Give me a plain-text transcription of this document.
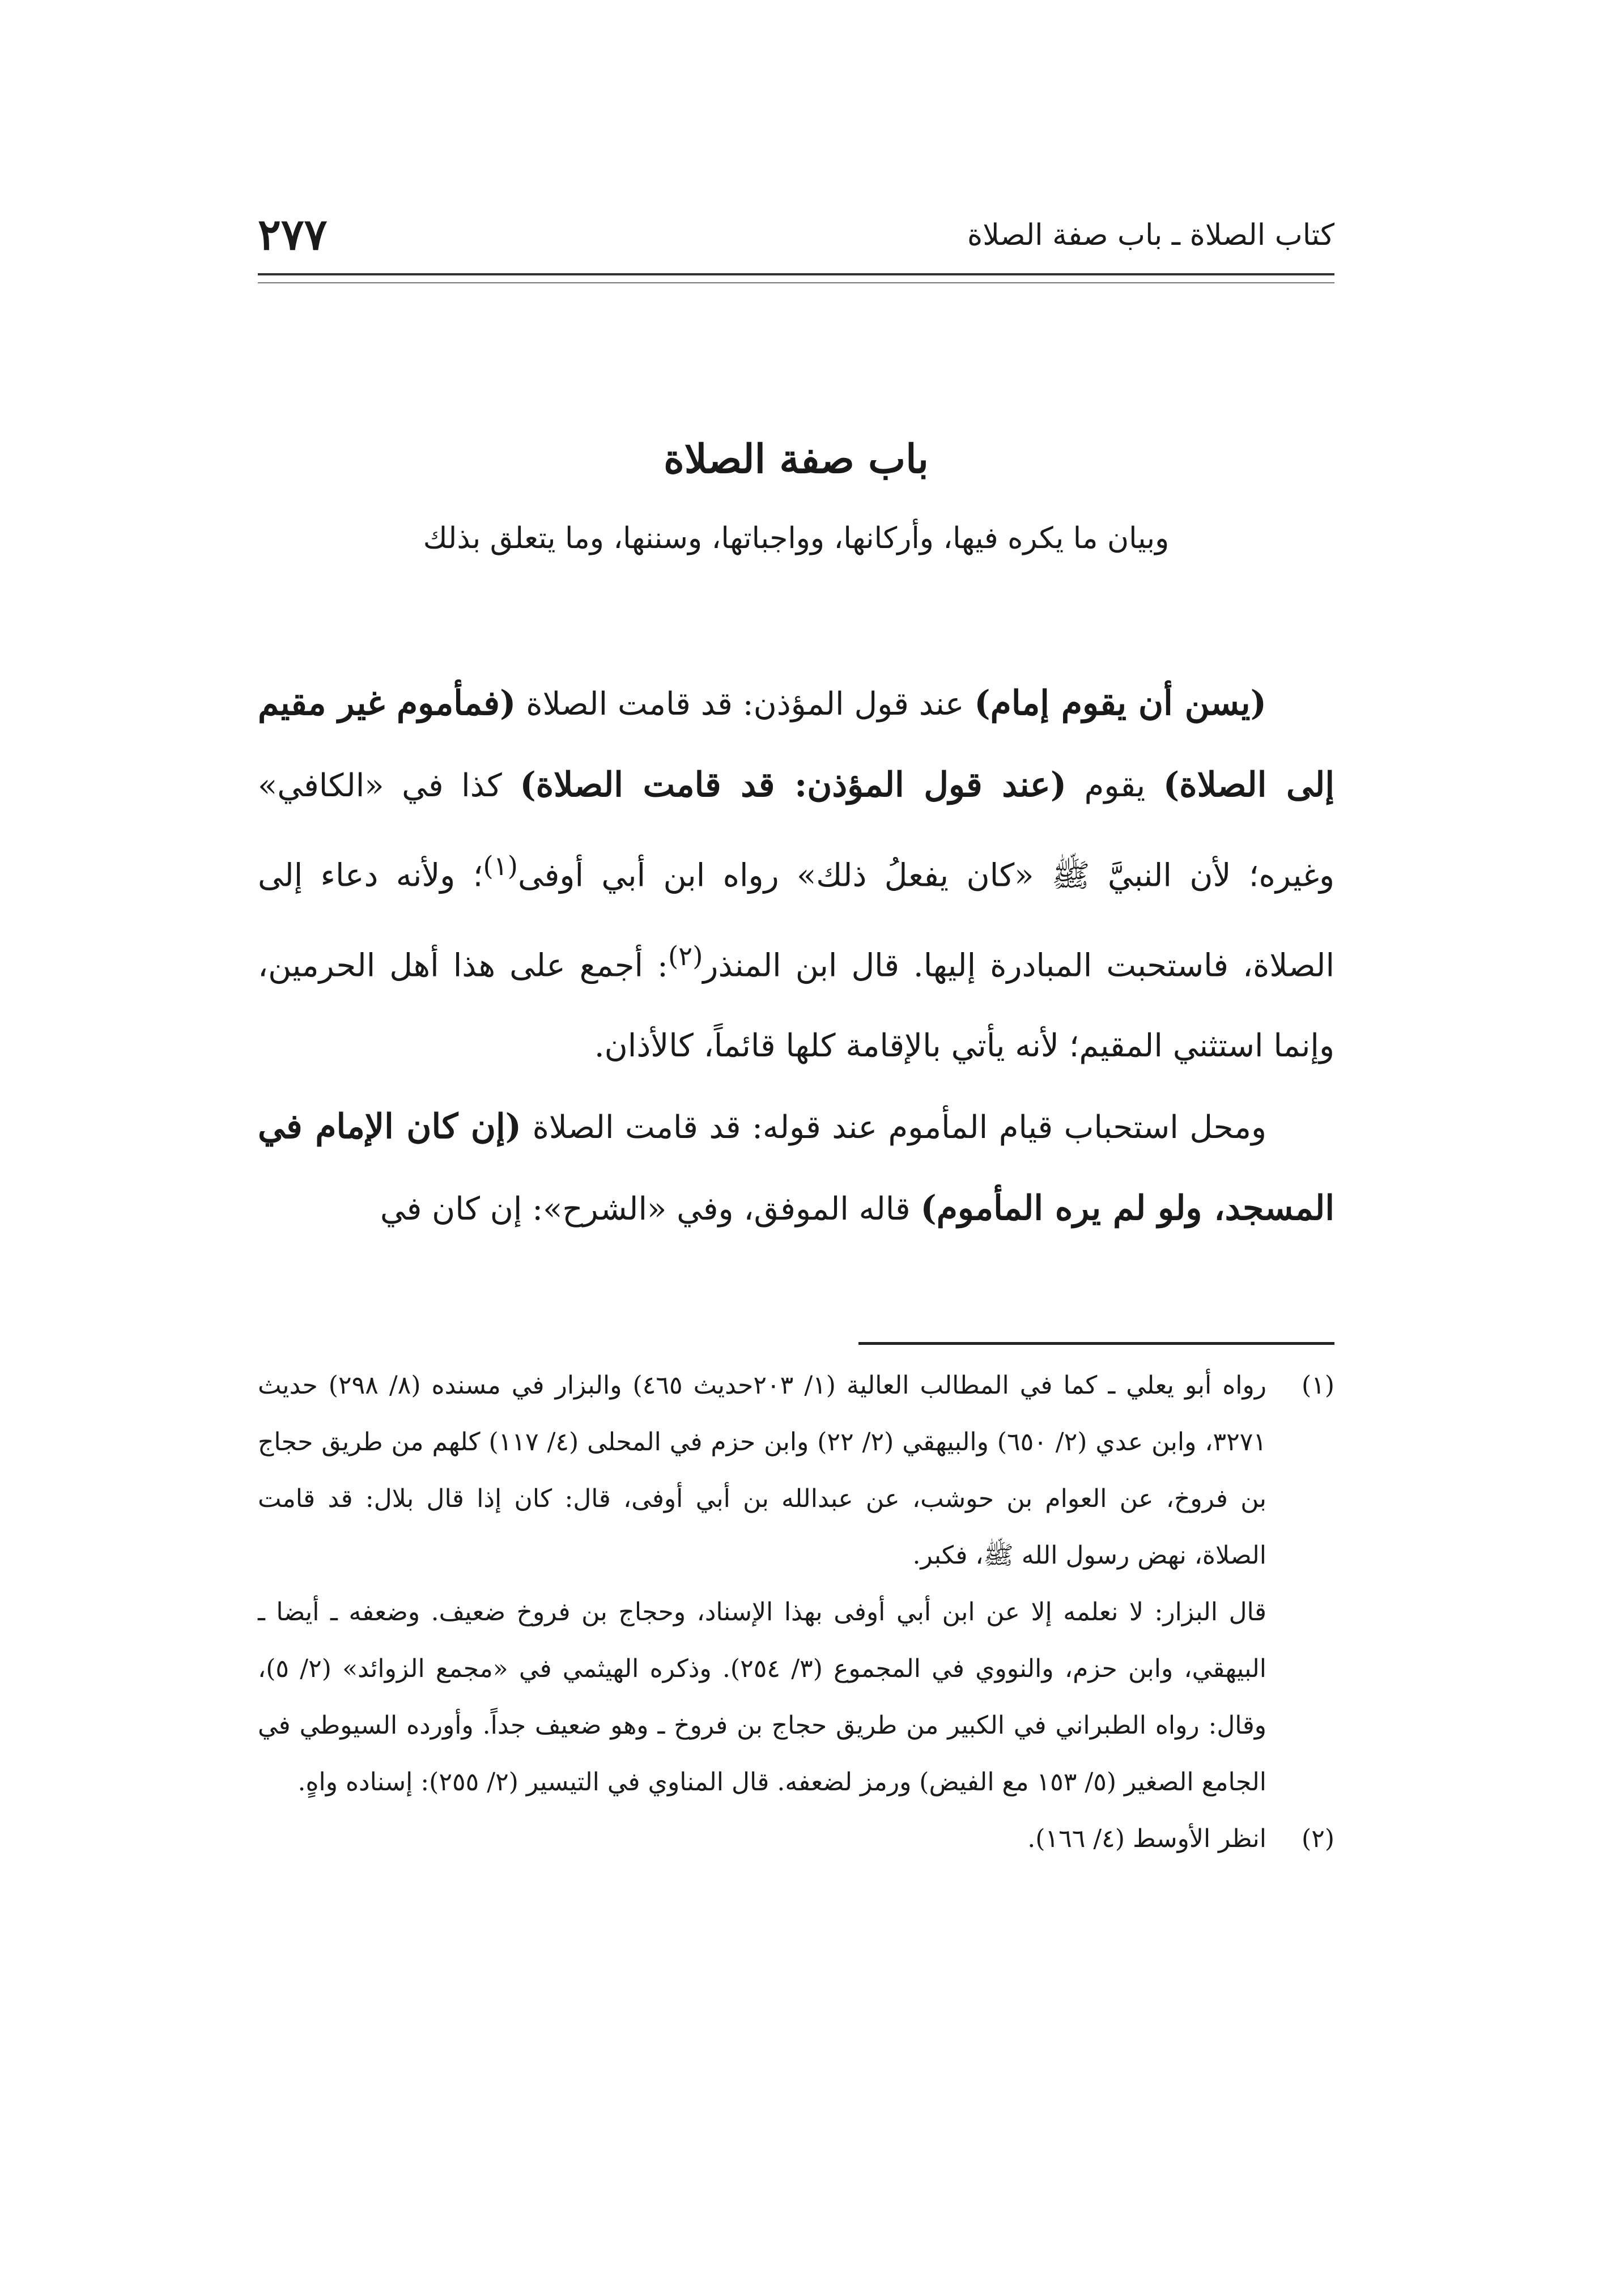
كتاب الصلاة ـ باب صفة الصلاة
٢٧٧
باب صفة الصلاة
وبيان ما يكره فيها، وأركانها، وواجباتها، وسننها، وما يتعلق بذلك

(يسن أن يقوم إمام) عند قول المؤذن: قد قامت الصلاة (فمأموم غير مقيم إلى الصلاة) يقوم (عند قول المؤذن: قد قامت الصلاة) كذا في «الكافي» وغيره؛ لأن النبيَّ ﷺ «كان يفعلُ ذلك» رواه ابن أبي أوفى$^{(١)}$؛ ولأنه دعاء إلى الصلاة، فاستحبت المبادرة إليها. قال ابن المنذر$^{(٢)}$: أجمع على هذا أهل الحرمين، وإنما استثني المقيم؛ لأنه يأتي بالإقامة كلها قائماً، كالأذان.

ومحل استحباب قيام المأموم عند قوله: قد قامت الصلاة (إن كان الإمام في المسجد، ولو لم يره المأموم) قاله الموفق، وفي «الشرح»: إن كان في

(١)

رواه أبو يعلي ـ كما في المطالب العالية (١/ ٢٠٣حديث ٤٦٥) والبزار في مسنده (٨/ ٢٩٨) حديث ٣٢٧١، وابن عدي (٢/ ٦٥٠) والبيهقي (٢/ ٢٢) وابن حزم في المحلى (٤/ ١١٧) كلهم من طريق حجاج بن فروخ، عن العوام بن حوشب، عن عبدالله بن أبي أوفى، قال: كان إذا قال بلال: قد قامت الصلاة، نهض رسول الله ﷺ، فكبر.

قال البزار: لا نعلمه إلا عن ابن أبي أوفى بهذا الإسناد، وحجاج بن فروخ ضعيف. وضعفه ـ أيضا ـ البيهقي، وابن حزم، والنووي في المجموع (٣/ ٢٥٤). وذكره الهيثمي في «مجمع الزوائد» (٢/ ٥)، وقال: رواه الطبراني في الكبير من طريق حجاج بن فروخ ـ وهو ضعيف جداً. وأورده السيوطي في الجامع الصغير (٥/ ١٥٣ مع الفيض) ورمز لضعفه. قال المناوي في التيسير (٢/ ٢٥٥): إسناده واهٍ.

(٢)

انظر الأوسط (٤/ ١٦٦).
